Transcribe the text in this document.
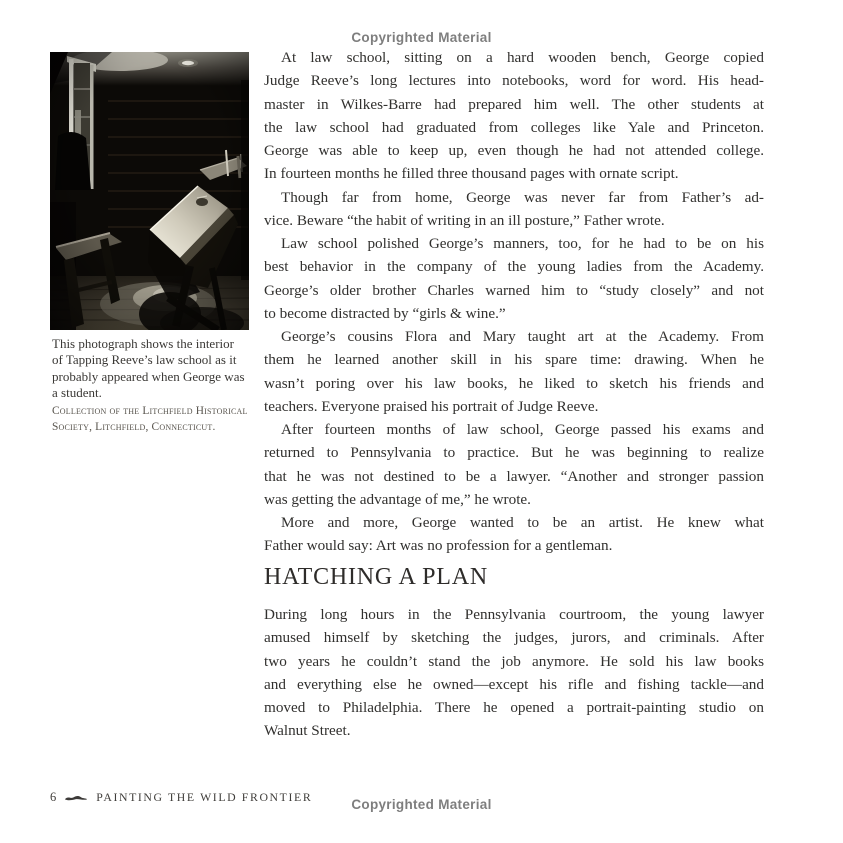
Copyrighted Material
This photograph shows the interior
of Tapping Reeve’s law school as it
probably appeared when George was
a student.
Collection of the Litchfield Historical
Society, Litchfield, Connecticut.
At law school, sitting on a hard wooden bench, George copied
Judge Reeve’s long lectures into notebooks, word for word. His head-
master in Wilkes-Barre had prepared him well. The other students at
the law school had graduated from colleges like Yale and Princeton.
George was able to keep up, even though he had not attended college.
In fourteen months he filled three thousand pages with ornate script.
Though far from home, George was never far from Father’s ad-
vice. Beware “the habit of writing in an ill posture,” Father wrote.
Law school polished George’s manners, too, for he had to be on his
best behavior in the company of the young ladies from the Academy.
George’s older brother Charles warned him to “study closely” and not
to become distracted by “girls & wine.”
George’s cousins Flora and Mary taught art at the Academy. From
them he learned another skill in his spare time: drawing. When he
wasn’t poring over his law books, he liked to sketch his friends and
teachers. Everyone praised his portrait of Judge Reeve.
After fourteen months of law school, George passed his exams and
returned to Pennsylvania to practice. But he was beginning to realize
that he was not destined to be a lawyer. “Another and stronger passion
was getting the advantage of me,” he wrote.
More and more, George wanted to be an artist. He knew what
Father would say: Art was no profession for a gentleman.
HATCHING A PLAN
During long hours in the Pennsylvania courtroom, the young lawyer
amused himself by sketching the judges, jurors, and criminals. After
two years he couldn’t stand the job anymore. He sold his law books
and everything else he owned—except his rifle and fishing tackle—and
moved to Philadelphia. There he opened a portrait-painting studio on
Walnut Street.
6	PAINTING THE WILD FRONTIER	Copyrighted Material
